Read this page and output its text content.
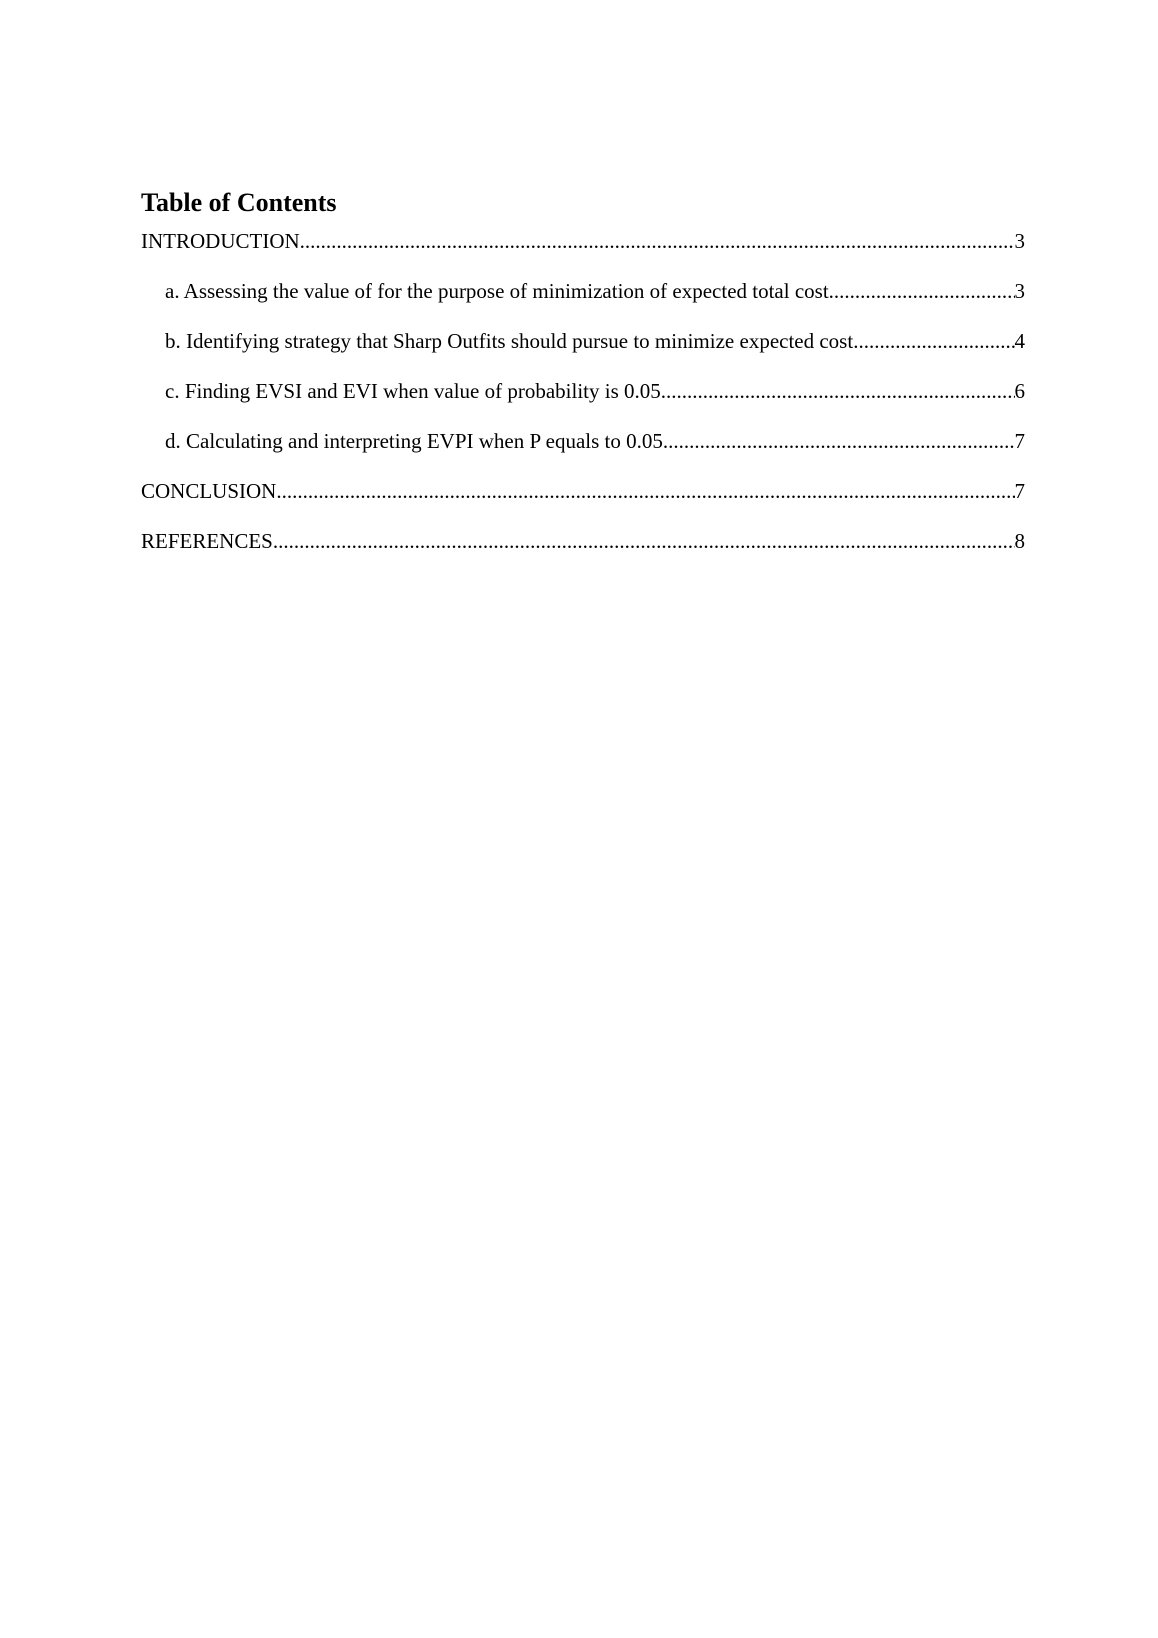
Table of Contents
INTRODUCTION .....	3
a. Assessing the value of for the purpose of minimization of expected total cost .....	3
b. Identifying strategy that Sharp Outfits should pursue to minimize expected cost .....	4
c. Finding EVSI and EVI when value of probability is 0.05 .....	6
d. Calculating and interpreting EVPI when P equals to 0.05 .....	7
CONCLUSION .....	7
REFERENCES .....	8
